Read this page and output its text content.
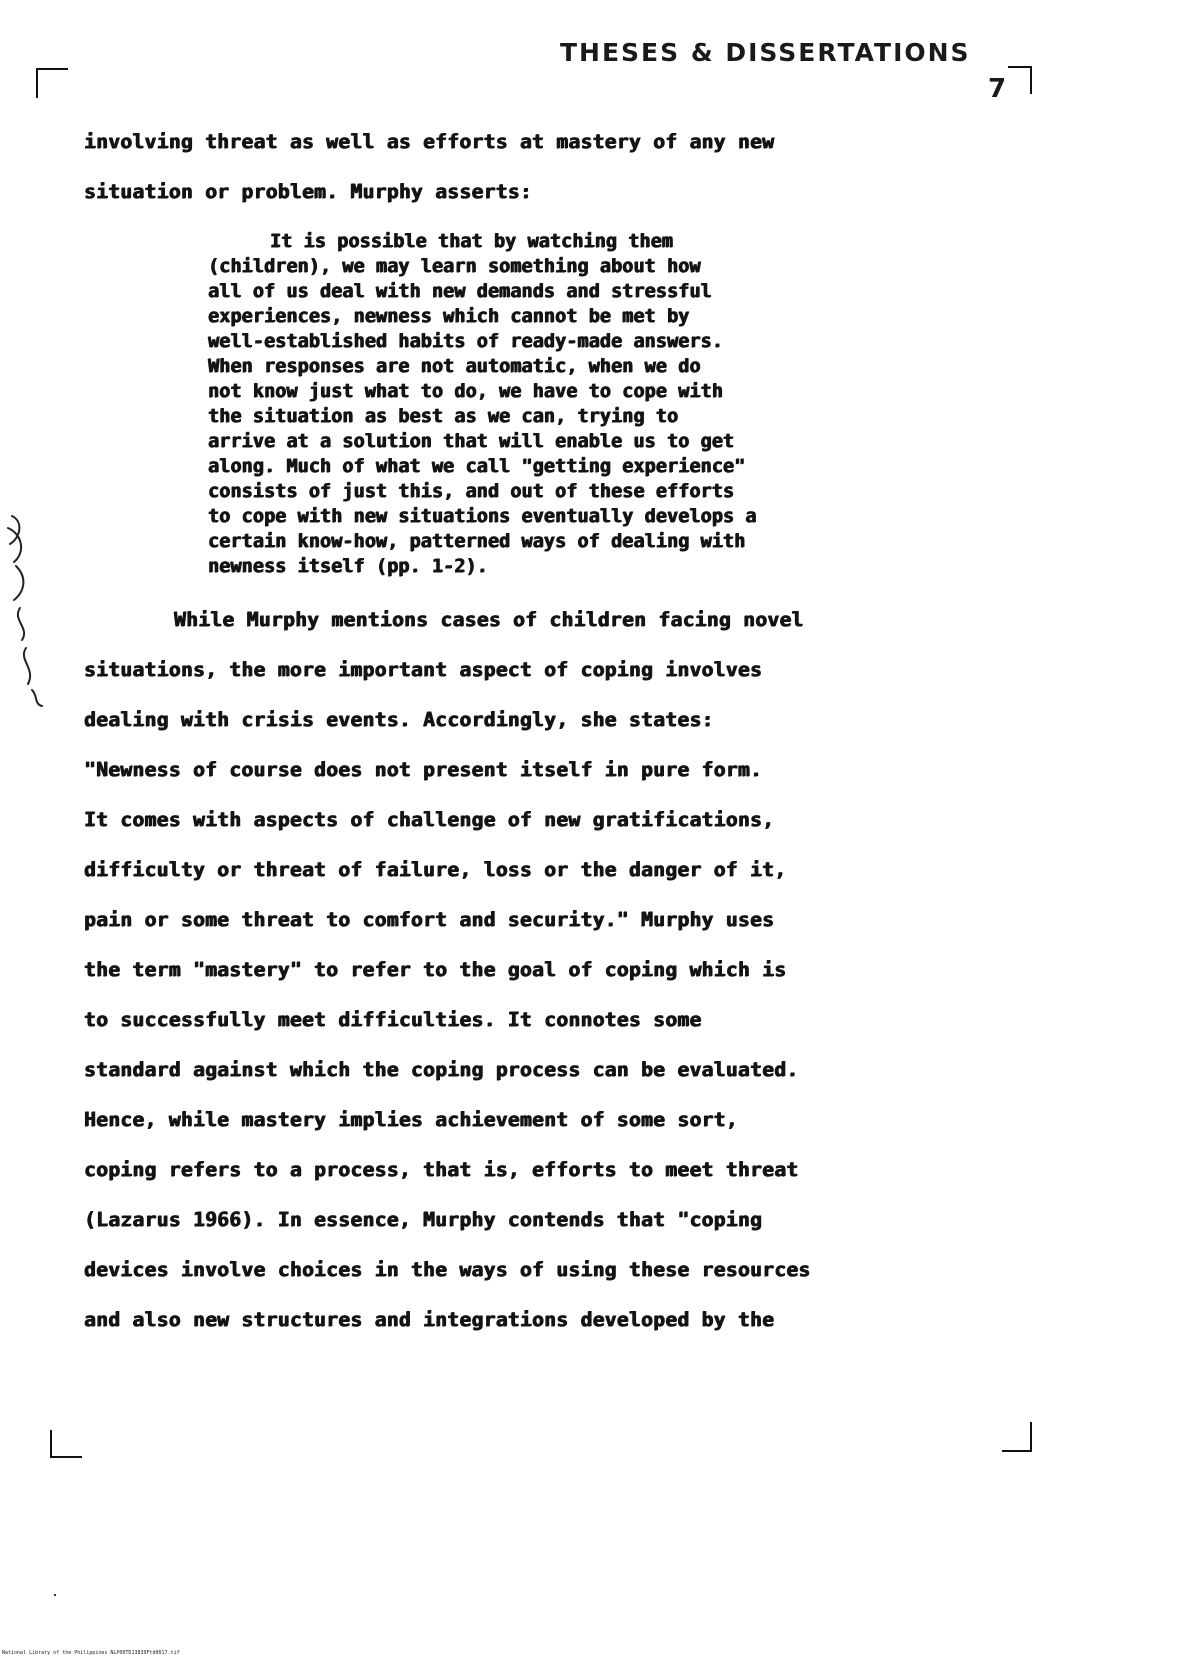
THESES & DISSERTATIONS
7
involving threat as well as efforts at mastery of any new
situation or problem. Murphy asserts:
It is possible that by watching them
(children), we may learn something about how
all of us deal with new demands and stressful
experiences, newness which cannot be met by
well-established habits of ready-made answers.
When responses are not automatic, when we do
not know just what to do, we have to cope with
the situation as best as we can, trying to
arrive at a solution that will enable us to get
along. Much of what we call "getting experience"
consists of just this, and out of these efforts
to cope with new situations eventually develops a
certain know-how, patterned ways of dealing with
newness itself (pp. 1-2).
While Murphy mentions cases of children facing novel
situations, the more important aspect of coping involves
dealing with crisis events. Accordingly, she states:
"Newness of course does not present itself in pure form.
It comes with aspects of challenge of new gratifications,
difficulty or threat of failure, loss or the danger of it,
pain or some threat to comfort and security." Murphy uses
the term "mastery" to refer to the goal of coping which is
to successfully meet difficulties. It connotes some
standard against which the coping process can be evaluated.
Hence, while mastery implies achievement of some sort,
coping refers to a process, that is, efforts to meet threat
(Lazarus 1966). In essence, Murphy contends that "coping
devices involve choices in the ways of using these resources
and also new structures and integrations developed by the
National Library of the Philippines NLP00TD13839Ftd0017.tif
